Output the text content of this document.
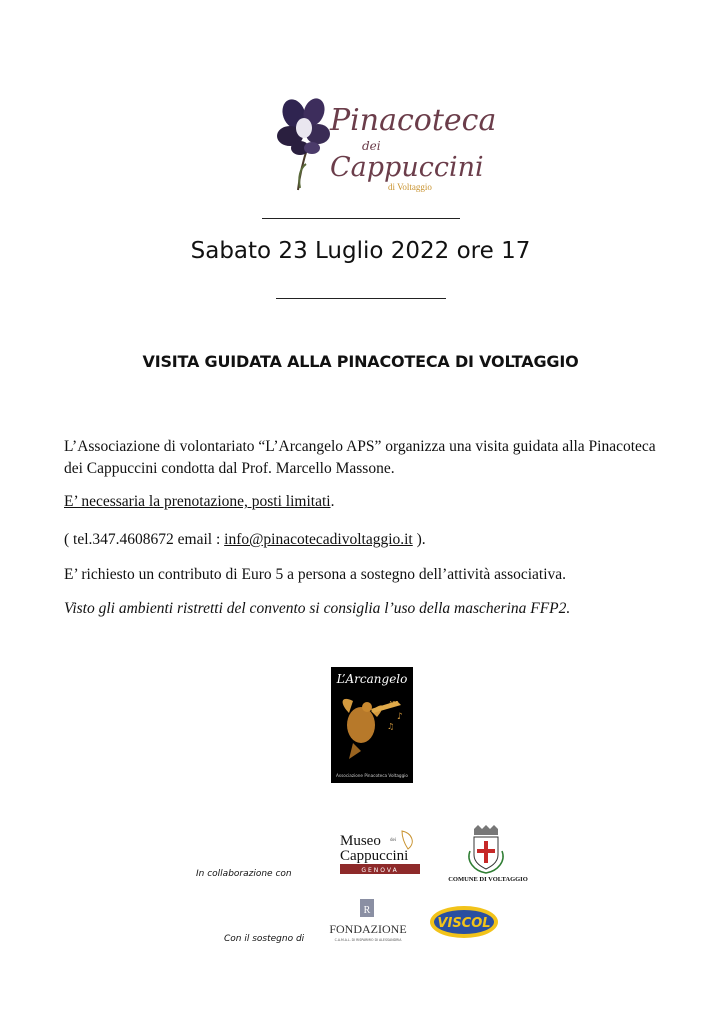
Pinacoteca
dei
Cappuccini
di Voltaggio
Sabato 23 Luglio 2022 ore 17
VISITA GUIDATA ALLA PINACOTECA DI VOLTAGGIO
L’Associazione di volontariato “L’Arcangelo APS” organizza una visita guidata alla Pinacoteca dei Cappuccini condotta dal Prof. Marcello Massone.
E’ necessaria la prenotazione, posti limitati.
( tel.347.4608672 email : info@pinacotecadivoltaggio.it ).
E’ richiesto un contributo di Euro 5 a persona a sostegno dell’attività associativa.
Visto gli ambienti ristretti del convento si consiglia l’uso della mascherina FFP2.
L’Arcangelo
♪
♫
APS
Associazione Pinacoteca Voltaggio
In collaborazione con
Museo dei
Cappuccini
GENOVA
COMUNE DI VOLTAGGIO
Con il sostegno di
R
FONDAZIONE
C.A.M.A.L. DI RISPARMIO DI ALESSANDRIA
VISCOL
